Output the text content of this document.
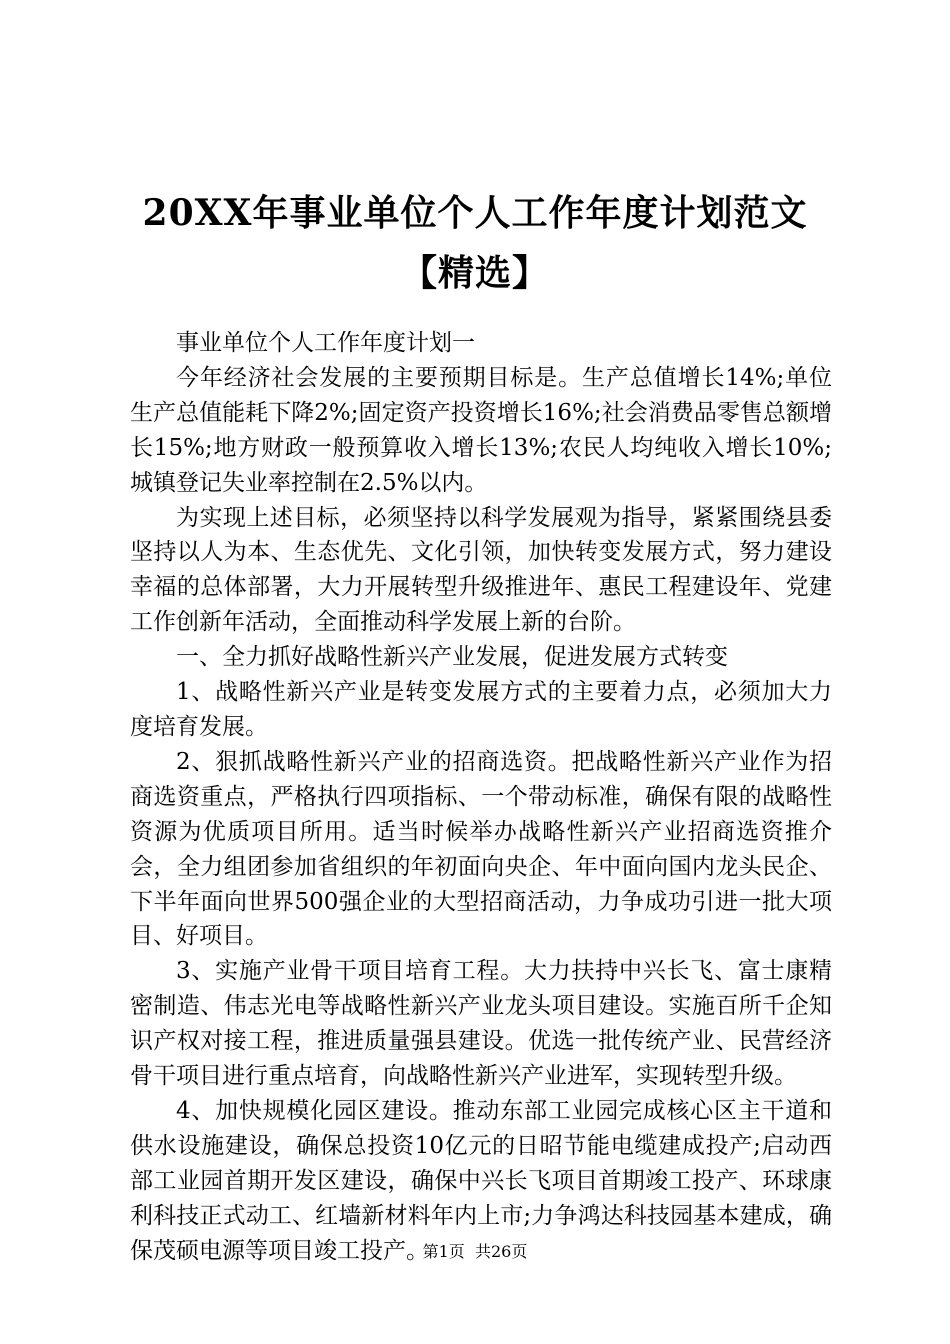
20XX年事业单位个人工作年度计划范文【精选】

事业单位个人工作年度计划一

今年经济社会发展的主要预期目标是。生产总值增长14%;单位生产总值能耗下降2%;固定资产投资增长16%;社会消费品零售总额增长15%;地方财政一般预算收入增长13%;农民人均纯收入增长10%;城镇登记失业率控制在2.5%以内。

为实现上述目标，必须坚持以科学发展观为指导，紧紧围绕县委坚持以人为本、生态优先、文化引领，加快转变发展方式，努力建设幸福的总体部署，大力开展转型升级推进年、惠民工程建设年、党建工作创新年活动，全面推动科学发展上新的台阶。

一、全力抓好战略性新兴产业发展，促进发展方式转变

1、战略性新兴产业是转变发展方式的主要着力点，必须加大力度培育发展。

2、狠抓战略性新兴产业的招商选资。把战略性新兴产业作为招商选资重点，严格执行四项指标、一个带动标准，确保有限的战略性资源为优质项目所用。适当时候举办战略性新兴产业招商选资推介会，全力组团参加省组织的年初面向央企、年中面向国内龙头民企、下半年面向世界500强企业的大型招商活动，力争成功引进一批大项目、好项目。

3、实施产业骨干项目培育工程。大力扶持中兴长飞、富士康精密制造、伟志光电等战略性新兴产业龙头项目建设。实施百所千企知识产权对接工程，推进质量强县建设。优选一批传统产业、民营经济骨干项目进行重点培育，向战略性新兴产业进军，实现转型升级。

4、加快规模化园区建设。推动东部工业园完成核心区主干道和供水设施建设，确保总投资10亿元的日昭节能电缆建成投产;启动西部工业园首期开发区建设，确保中兴长飞项目首期竣工投产、环球康利科技正式动工、红墙新材料年内上市;力争鸿达科技园基本建成，确保茂硕电源等项目竣工投产。

第1页 共26页
